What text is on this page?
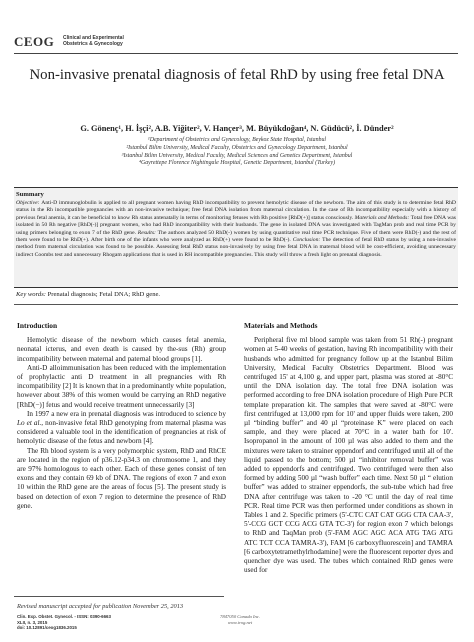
CEOG Clinical and Experimental Obstetrics & Gynecology
Non-invasive prenatal diagnosis of fetal RhD by using free fetal DNA
G. Gönenç¹, H. İşçi², A.B. Yiğiter², V. Hançer³, M. Büyükdoğan⁴, N. Güdücü², İ. Dünder²
¹Department of Obstetrics and Gynecology, Beykoz State Hospital, Istanbul
²Istanbul Bilim University, Medical Faculty, Obstetrics and Gynecology Department, Istanbul
³Istanbul Bilim University, Medical Faculty, Medical Sciences and Genetics Department, Istanbul
⁴Gayrettepe Florence Nightingale Hospital, Genetic Department, Istanbul (Turkey)
Summary
Objective: Anti-D immunoglobulin is applied to all pregnant women having RhD incompatibility to prevent hemolytic disease of the newborn. The aim of this study is to determine fetal RhD status in the Rh incompatible pregnancies with an non-invasive technique; free fetal DNA isolation from maternal circulation. In the case of Rh incompatibility especially with a history of previous fetal anemia, it can be beneficial to know Rh status antenatally in terms of monitoring fetuses with Rh positive [RhD(+)] status consciously. Materials and Methods: Total free DNA was isolated in 50 Rh negative [RhD(-)] pregnant women, who had RhD incompatibility with their husbands. The gene in isolated DNA was investigated with TagMan prob and real time PCR by using primers belonging to exon 7 of the RhD gene. Results: The authors analyzed 50 RhD(-) women by using quantitative real time PCR technique. Five of them were RhD(-) and the rest of them were found to be RhD(+). After birth one of the infants who were analyzed as RhD(+) were found to be RhD(-). Conclusion: The detection of fetal RhD status by using a non-invasive method from maternal circulation was found to be possible. Assessing fetal RhD status non-invasively by using free fetal DNA in maternal blood will be cost-efficient, avoiding unnecessary indirect Coombs test and unnecessary Rhogam applications that is used in RH incompatible pregnancies. This study will throw a fresh light on prenatal diagnosis.
Key words: Prenatal diagnosis; Fetal DNA; RhD gene.
Introduction

Hemolytic disease of the newborn which causes fetal anemia, neonatal icterus, and even death is caused by the-sus (Rh) group incompatibility between maternal and paternal blood groups [1].

Anti-D alloimmunisation has been reduced with the implementation of prophylactic anti D treatment in all pregnancies with Rh incompatibility [2] It is known that in a predominantly white population, however about 38% of this women would be carrying an RhD negative [RhD(−)] fetus and would receive treatment unnecessarily [3]

In 1997 a new era in prenatal diagnosis was introduced to science by Lo et al., non-invasive fetal RhD genotyping from maternal plasma was considered a valuable tool in the identification of pregnancies at risk of hemolytic disease of the fetus and newborn [4].

The Rh blood system is a very polymorphic system, RhD and RhCE are located in the region of p36.12-p34.3 on chromosome 1, and they are 97% homologous to each other. Each of these genes consist of ten exons and they contain 69 kb of DNA. The regions of exon 7 and exon 10 within the RhD gene are the areas of focus [5]. The present study is based on detection of exon 7 region to determine the presence of RhD gene.

Materials and Methods

Peripheral five ml blood sample was taken from 51 Rh(-) pregnant women at 5-40 weeks of gestation, having Rh incompatibility with their husbands who admitted for pregnancy follow up at the Istanbul Bilim University, Medical Faculty Obstetrics Department. Blood was centrifuged 15' at 4,100 g, and upper part, plasma was stored at -80°C until the DNA isolation day. The total free DNA isolation was performed according to free DNA isolation procedure of High Pure PCR template preparation kit. The samples that were saved at -80°C were first centrifuged at 13,000 rpm for 10' and upper fluids were taken, 200 µl “binding buffer” and 40 µl “proteinase K” were placed on each sample, and they were placed at 70°C in a water bath for 10'. Isopropanol in the amount of 100 µl was also added to them and the mixtures were taken to strainer eppendorf and centrifuged until all of the liquid passed to the bottom; 500 µl “inhibitor removal buffer” was added to eppendorfs and centrifuged. Two centrifuged were then also formed by adding 500 µl “wash buffer” each time. Next 50 µl “ elution buffer” was added to strainer eppendorfs, the sub-tube which had free DNA after centrifuge was taken to -20 °C until the day of real time PCR. Real time PCR was then performed under conditions as shown in Tables 1 and 2. Specific primers (5'-CTC CAT CAT GGG CTA CAA-3', 5'-CCG GCT CCG ACG GTA TC-3') for region exon 7 which belongs to RhD and TaqMan prob (5'-FAM AGC AGC ACA ATG TAG ATG ATC TCT CCA TAMRA-3'), FAM [6 carboxyfluorescein] and TAMRA [6 carboxytetramethylrhodamine] were the fluorescent reporter dyes and quencher dye was used. The tubes which contained RhD genes were used for

Revised manuscript accepted for publication November 25, 2013
Clin. Exp. Obstet. Gynecol. - ISSN: 0390-6663
XLII, n. 3, 2015
doi: 10.12891/ceog1836.2015
7847050 Canada Inc.
www.irog.net
